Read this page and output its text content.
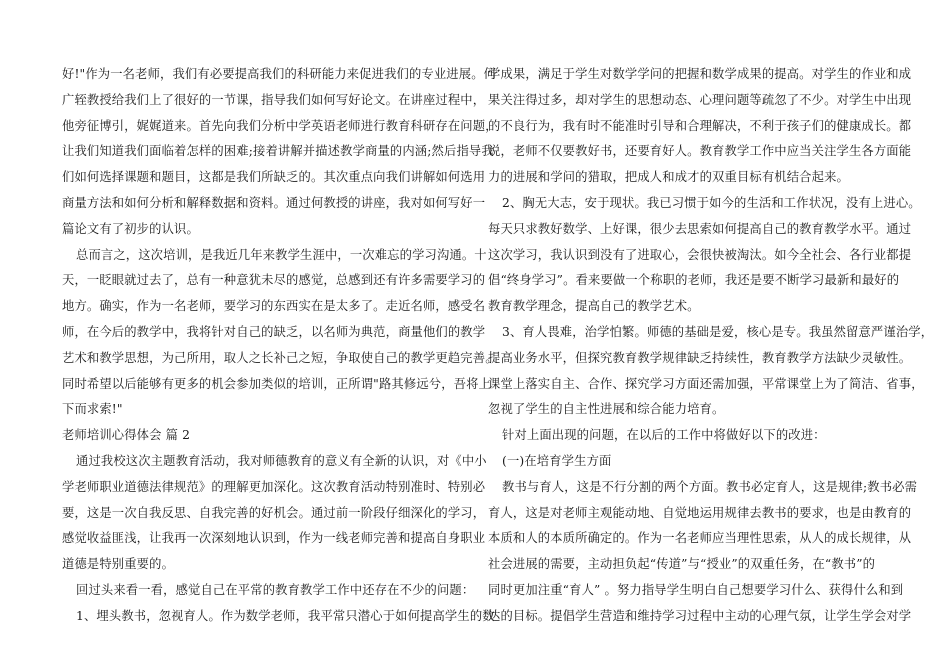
好!"作为一名老师，我们有必要提高我们的科研能力来促进我们的专业进展。何
广轾教授给我们上了很好的一节课，指导我们如何写好论文。在讲座过程中，
他旁征博引，娓娓道来。首先向我们分析中学英语老师进行教育科研存在问题，
让我们知道我们面临着怎样的困难;接着讲解并描述教学商量的内涵;然后指导我
们如何选择课题和题目，这都是我们所缺乏的。其次重点向我们讲解如何选用
商量方法和如何分析和解释数据和资料。通过何教授的讲座，我对如何写好一
篇论文有了初步的认识。
总而言之，这次培训，是我近几年来教学生涯中，一次难忘的学习沟通。十
天，一眨眼就过去了，总有一种意犹未尽的感觉，总感到还有许多需要学习的
地方。确实，作为一名老师，要学习的东西实在是太多了。走近名师，感受名
师，在今后的教学中，我将针对自己的缺乏，以名师为典范，商量他们的教学
艺术和教学思想，为己所用，取人之长补己之短，争取使自己的教学更趋完善。
同时希望以后能够有更多的机会参加类似的培训，正所谓"路其修远兮，吾将上
下而求索!"
老师培训心得体会 篇 2
通过我校这次主题教育活动，我对师德教育的意义有全新的认识，对《中小
学老师职业道德法律规范》的理解更加深化。这次教育活动特别准时、特别必
要，这是一次自我反思、自我完善的好机会。通过前一阶段仔细深化的学习，
感觉收益匪浅，让我再一次深刻地认识到，作为一线老师完善和提高自身职业
道德是特别重要的。
回过头来看一看，感觉自己在平常的教育教学工作中还存在不少的问题：
1、埋头教书，忽视育人。作为数学老师，我平常只潜心于如何提高学生的数
学成果，满足于学生对数学学问的把握和数学成果的提高。对学生的作业和成
果关注得过多，却对学生的思想动态、心理问题等疏忽了不少。对学生中出现
的不良行为，我有时不能准时引导和合理解决，不利于孩子们的健康成长。都
说，老师不仅要教好书，还要育好人。教育教学工作中应当关注学生各方面能
力的进展和学问的猎取，把成人和成才的双重目标有机结合起来。
2、胸无大志，安于现状。我已习惯于如今的生活和工作状况，没有上进心。
每天只求教好数学、上好课，很少去思索如何提高自己的教育教学水平。通过
这次学习，我认识到没有了进取心，会很快被淘汰。如今全社会、各行业都提
倡“终身学习”。看来要做一个称职的老师，我还是要不断学习最新和最好的
教育教学理念，提高自己的教学艺术。
3、育人畏难，治学怕繁。师德的基础是爱，核心是专。我虽然留意严谨治学，
提高业务水平，但探究教育教学规律缺乏持续性，教育教学方法缺少灵敏性。
课堂上落实自主、合作、探究学习方面还需加强，平常课堂上为了简洁、省事，
忽视了学生的自主性进展和综合能力培育。
针对上面出现的问题，在以后的工作中将做好以下的改进：
(一)在培育学生方面
教书与育人，这是不行分割的两个方面。教书必定育人，这是规律;教书必需
育人，这是对老师主观能动地、自觉地运用规律去教书的要求，也是由教育的
本质和人的本质所确定的。作为一名老师应当理性思索，从人的成长规律，从
社会进展的需要，主动担负起“传道”与“授业”的双重任务，在“教书”的
同时更加注重“育人” 。努力指导学生明白自己想要学习什么、获得什么和到
达的目标。提倡学生营造和维持学习过程中主动的心理气氛，让学生学会对学
